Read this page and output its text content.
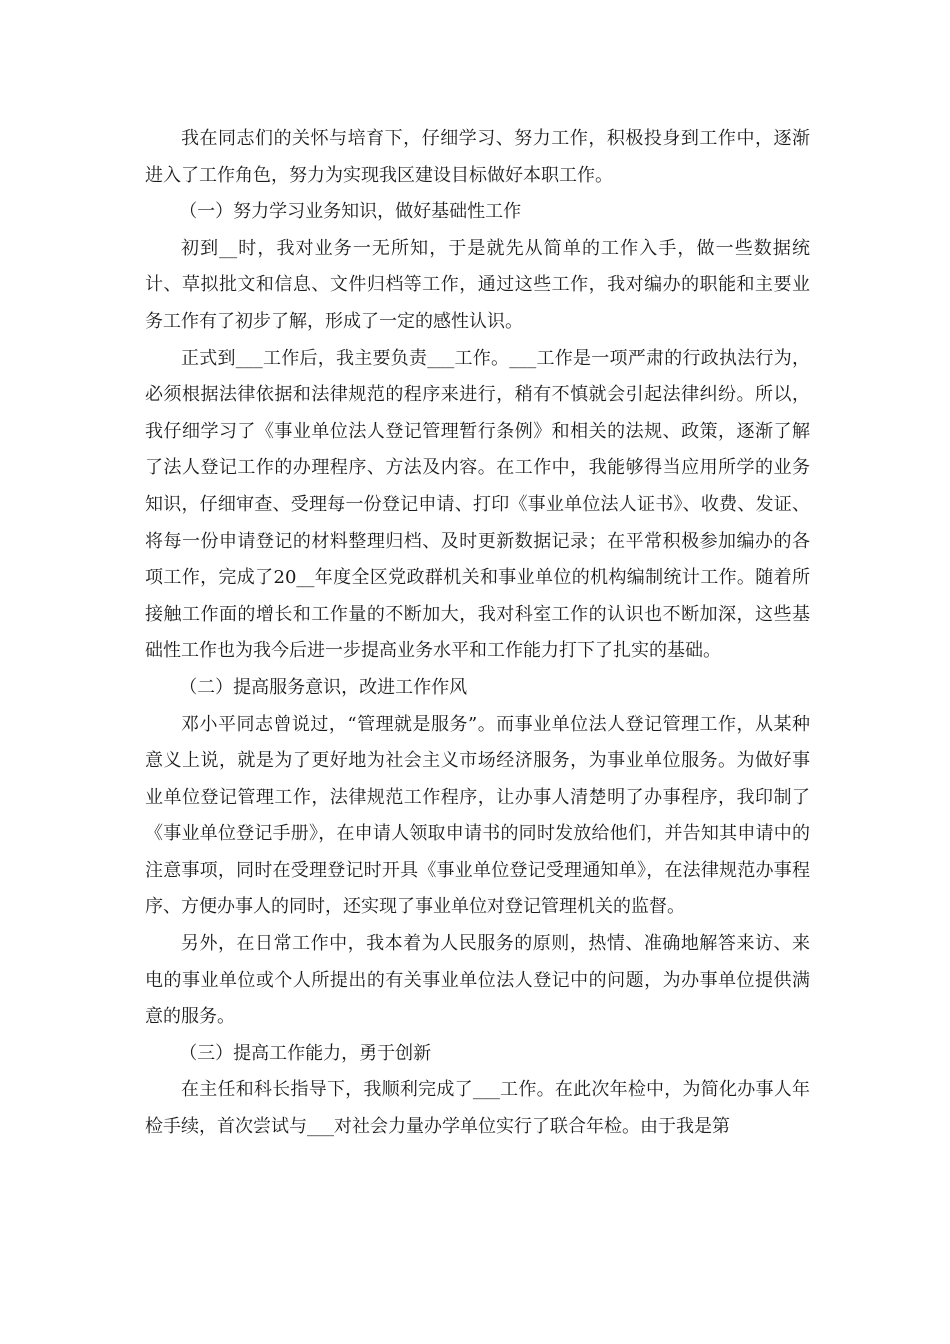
我在同志们的关怀与培育下，仔细学习、努力工作，积极投身到工作中，逐渐进入了工作角色，努力为实现我区建设目标做好本职工作。

（一）努力学习业务知识，做好基础性工作

初到__时，我对业务一无所知，于是就先从简单的工作入手，做一些数据统计、草拟批文和信息、文件归档等工作，通过这些工作，我对编办的职能和主要业务工作有了初步了解，形成了一定的感性认识。

正式到___工作后，我主要负责___工作。___工作是一项严肃的行政执法行为，必须根据法律依据和法律规范的程序来进行，稍有不慎就会引起法律纠纷。所以，我仔细学习了《事业单位法人登记管理暂行条例》和相关的法规、政策，逐渐了解了法人登记工作的办理程序、方法及内容。在工作中，我能够得当应用所学的业务知识，仔细审查、受理每一份登记申请、打印《事业单位法人证书》、收费、发证、将每一份申请登记的材料整理归档、及时更新数据记录；在平常积极参加编办的各项工作，完成了20__年度全区党政群机关和事业单位的机构编制统计工作。随着所接触工作面的增长和工作量的不断加大，我对科室工作的认识也不断加深，这些基础性工作也为我今后进一步提高业务水平和工作能力打下了扎实的基础。

（二）提高服务意识，改进工作作风

邓小平同志曾说过，“管理就是服务”。而事业单位法人登记管理工作，从某种意义上说，就是为了更好地为社会主义市场经济服务，为事业单位服务。为做好事业单位登记管理工作，法律规范工作程序，让办事人清楚明了办事程序，我印制了《事业单位登记手册》，在申请人领取申请书的同时发放给他们，并告知其申请中的注意事项，同时在受理登记时开具《事业单位登记受理通知单》，在法律规范办事程序、方便办事人的同时，还实现了事业单位对登记管理机关的监督。

另外，在日常工作中，我本着为人民服务的原则，热情、准确地解答来访、来电的事业单位或个人所提出的有关事业单位法人登记中的问题，为办事单位提供满意的服务。

（三）提高工作能力，勇于创新

在主任和科长指导下，我顺利完成了___工作。在此次年检中，为简化办事人年检手续，首次尝试与___对社会力量办学单位实行了联合年检。由于我是第
